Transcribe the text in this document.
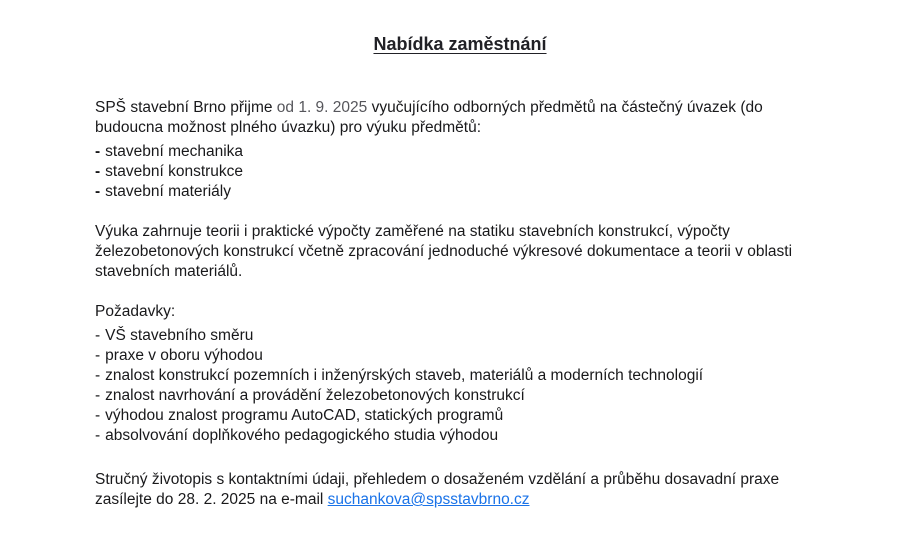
Nabídka zaměstnání

SPŠ stavební Brno přijme od 1. 9. 2025 vyučujícího odborných předmětů na částečný úvazek (do budoucna možnost plného úvazku) pro výuku předmětů:

- stavební mechanika
- stavební konstrukce
- stavební materiály

Výuka zahrnuje teorii i praktické výpočty zaměřené na statiku stavebních konstrukcí, výpočty železobetonových konstrukcí včetně zpracování jednoduché výkresové dokumentace a teorii v oblasti stavebních materiálů.

Požadavky:

- VŠ stavebního směru
- praxe v oboru výhodou
- znalost konstrukcí pozemních i inženýrských staveb, materiálů a moderních technologií
- znalost navrhování a provádění železobetonových konstrukcí
- výhodou znalost programu AutoCAD, statických programů
- absolvování doplňkového pedagogického studia výhodou

Stručný životopis s kontaktními údaji, přehledem o dosaženém vzdělání a průběhu dosavadní praxe zasílejte do 28. 2. 2025 na e-mail suchankova@spsstavbrno.cz
